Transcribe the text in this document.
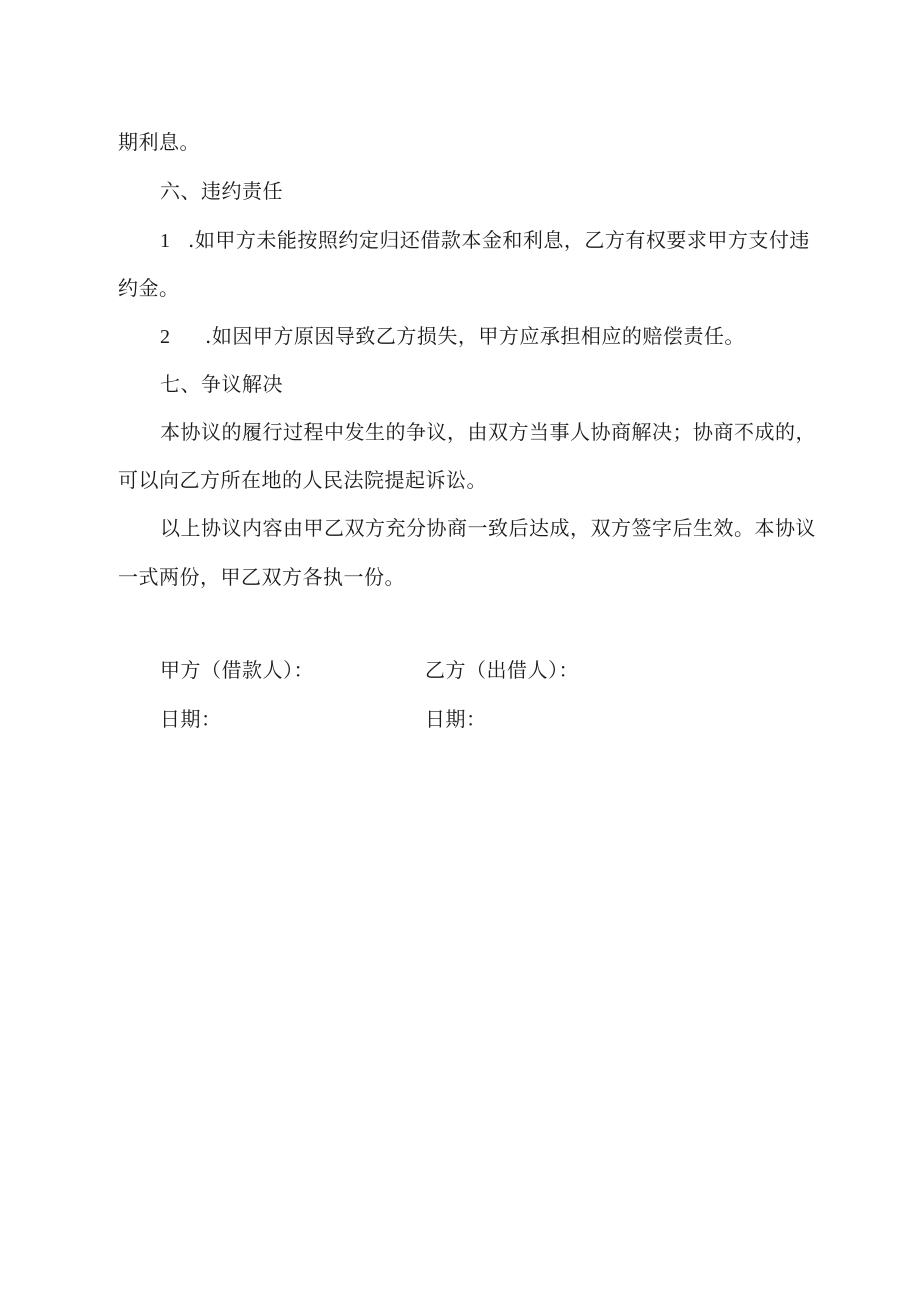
期利息。
六、违约责任
1 .如甲方未能按照约定归还借款本金和利息，乙方有权要求甲方支付违
约金。
2 .如因甲方原因导致乙方损失，甲方应承担相应的赔偿责任。
七、争议解决
本协议的履行过程中发生的争议，由双方当事人协商解决；协商不成的，
可以向乙方所在地的人民法院提起诉讼。
以上协议内容由甲乙双方充分协商一致后达成，双方签字后生效。本协议
一式两份，甲乙双方各执一份。
甲方（借款人）：	乙方（出借人）：
日期：	日期：
